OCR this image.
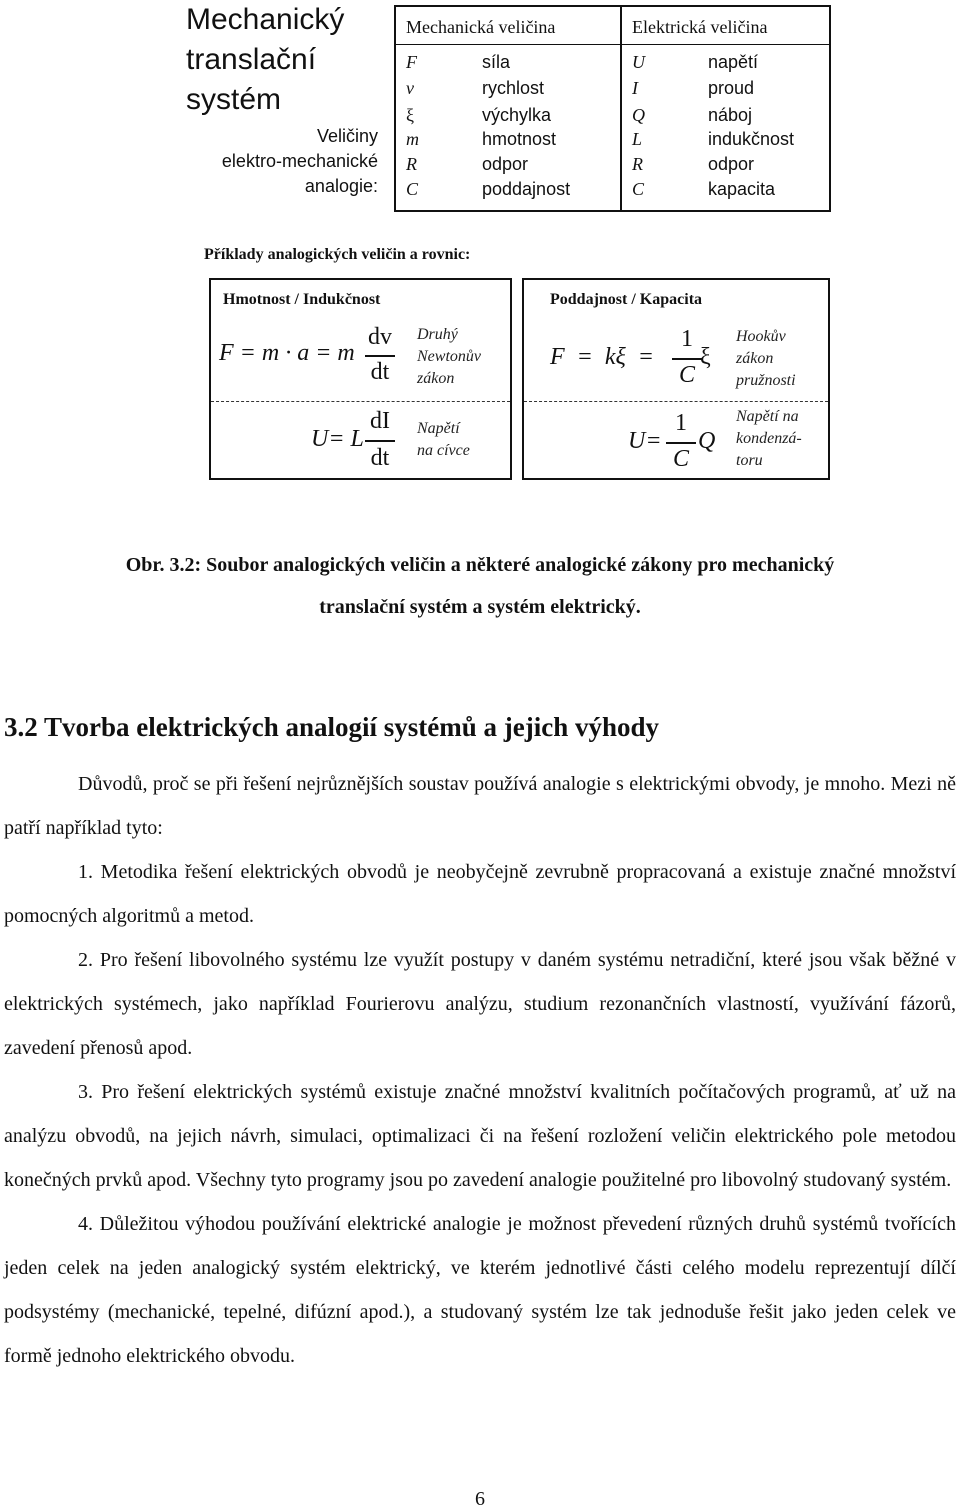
Mechanický
translační
systém
Veličiny
elektro-mechanické
analogie:
Mechanická veličina	Elektrická veličina
F	síla	U	napětí
v	rychlost	I	proud
ξ	výchylka	Q	náboj
m	hmotnost	L	indukčnost
R	odpor	R	odpor
C	poddajnost	C	kapacita
Příklady analogických veličin a rovnic:
Hmotnost / Indukčnost
F = m · a = m
dv
dt
Druhý
Newtonův
zákon
U= L
dI
dt
Napětí
na cívce
Poddajnost / Kapacita
F  =  kξ  =
1
C
ξ
Hookův
zákon
pružnosti
U=
1
C
Q
Napětí na
kondenzá-
toru
Obr. 3.2: Soubor analogických veličin a některé analogické zákony pro mechanický
translační systém a systém elektrický.
3.2 Tvorba elektrických analogií systémů a jejich výhody

Důvodů, proč se při řešení nejrůznějších soustav používá analogie s elektrickými obvody, je mnoho. Mezi ně patří například tyto:

1. Metodika řešení elektrických obvodů je neobyčejně zevrubně propracovaná a existuje značné množství pomocných algoritmů a metod.

2. Pro řešení libovolného systému lze využít postupy v daném systému netradiční, které jsou však běžné v elektrických systémech, jako například Fourierovu analýzu, studium rezonančních vlastností, využívání fázorů, zavedení přenosů apod.

3. Pro řešení elektrických systémů existuje značné množství kvalitních počítačových programů, ať už na analýzu obvodů, na jejich návrh, simulaci, optimalizaci či na řešení rozložení veličin elektrického pole metodou konečných prvků apod. Všechny tyto programy jsou po zavedení analogie použitelné pro libovolný studovaný systém.

4. Důležitou výhodou používání elektrické analogie je možnost převedení různých druhů systémů tvořících jeden celek na jeden analogický systém elektrický, ve kterém jednotlivé části celého modelu reprezentují dílčí podsystémy (mechanické, tepelné, difúzní apod.), a studovaný systém lze tak jednoduše řešit jako jeden celek ve formě jednoho elektrického obvodu.

6
